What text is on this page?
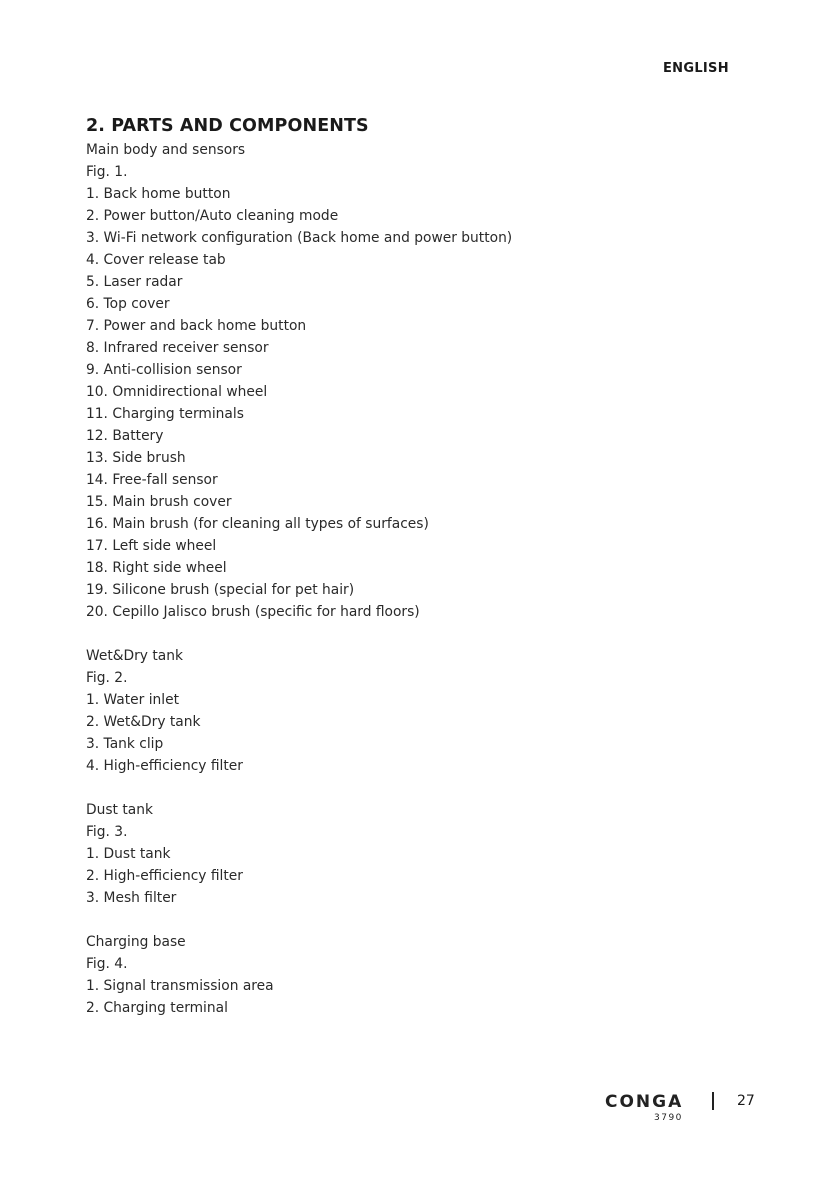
ENGLISH
2. PARTS AND COMPONENTS
Main body and sensors
Fig. 1.
1. Back home button
2. Power button/Auto cleaning mode
3. Wi-Fi network configuration (Back home and power button)
4. Cover release tab
5. Laser radar
6. Top cover
7. Power and back home button
8. Infrared receiver sensor
9. Anti-collision sensor
10. Omnidirectional wheel
11. Charging terminals
12. Battery
13. Side brush
14. Free-fall sensor
15. Main brush cover
16. Main brush (for cleaning all types of surfaces)
17. Left side wheel
18. Right side wheel
19. Silicone brush (special for pet hair)
20. Cepillo Jalisco brush (specific for hard floors)
Wet&Dry tank
Fig. 2.
1. Water inlet
2. Wet&Dry tank
3. Tank clip
4. High-efficiency filter
Dust tank
Fig. 3.
1. Dust tank
2. High-efficiency filter
3. Mesh filter
Charging base
Fig. 4.
1. Signal transmission area
2. Charging terminal
CONGA
3790
27
